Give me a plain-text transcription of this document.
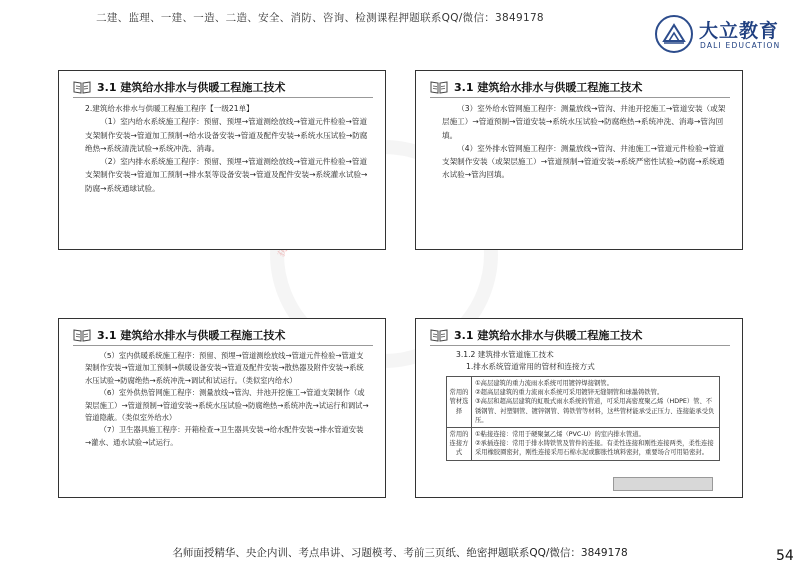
二建、监理、一建、一造、二造、安全、消防、咨询、检测课程押题联系QQ/微信：3849178
大立教育
DALI EDUCATION
3.1 建筑给水排水与供暖工程施工技术

2.建筑给水排水与供暖工程施工程序【一级21单】

（1）室内给水系统施工程序：预留、预埋→管道测绘放线→管道元件检验→管道支架制作安装→管道加工预制→给水设备安装→管道及配件安装→系统水压试验→防腐绝热→系统清洗试验→系统冲洗、消毒。

（2）室内排水系统施工程序：预留、预埋→管道测绘放线→管道元件检验→管道支架制作安装→管道加工预制→排水泵等设备安装→管道及配件安装→系统灌水试验→防腐→系统通球试验。

3.1 建筑给水排水与供暖工程施工技术

（3）室外给水管网施工程序：测量放线→管沟、井池开挖施工→管道安装（或架层施工）→管道预制→管道安装→系统水压试验→防腐绝热→系统冲洗、消毒→管沟回填。

（4）室外排水管网施工程序：测量放线→管沟、井池施工→管道元件检验→管道支架制作安装（或架层施工）→管道预制→管道安装→系统严密性试验→防腐→系统通水试验→管沟回填。

3.1 建筑给水排水与供暖工程施工技术

（5）室内供暖系统施工程序：预留、预埋→管道测绘放线→管道元件检验→管道支架制作安装→管道加工预制→供暖设备安装→管道及配件安装→散热器及附件安装→系统水压试验→防腐绝热→系统冲洗→调试和试运行。（类似室内给水）

（6）室外供热管网施工程序：测量放线→管沟、井池开挖施工→管道支架制作（或架层施工）→管道预制→管道安装→系统水压试验→防腐绝热→系统冲洗→试运行和调试→管道隐蔽。（类似室外给水）

（7）卫生器具施工程序：开箱检查→卫生器具安装→给水配件安装→排水管道安装→灌水、通水试验→试运行。

3.1 建筑给水排水与供暖工程施工技术
3.1.2 建筑排水管道施工技术
1.排水系统管道常用的管材和连接方式
常用的管材选择	①高层建筑的重力流雨水系统可用镀锌焊接钢管。
②超高层建筑的重力流雨水系统可采用镀锌无缝钢管和球墨铸铁管。
③高层和超高层建筑的虹吸式雨水系统的管道，可采用高密度聚乙烯（HDPE）管、不锈钢管、衬塑钢管、镀锌钢管、铸铁管等材料，这些管材能承受正压力、连接能承受负压。

常用的连接方式	①粘接连接：常用于硬聚氯乙烯（PVC-U）的室内排水管道。
②承插连接：常用于排水铸铁管及管件的连接。有柔性连接和刚性连接两类，柔性连接采用橡胶圈密封，刚性连接采用石棉水泥或膨胀性填料密封，重要场合可用铅密封。
名师面授精华、央企内训、考点串讲、习题模考、考前三页纸、绝密押题联系QQ/微信：3849178	54
